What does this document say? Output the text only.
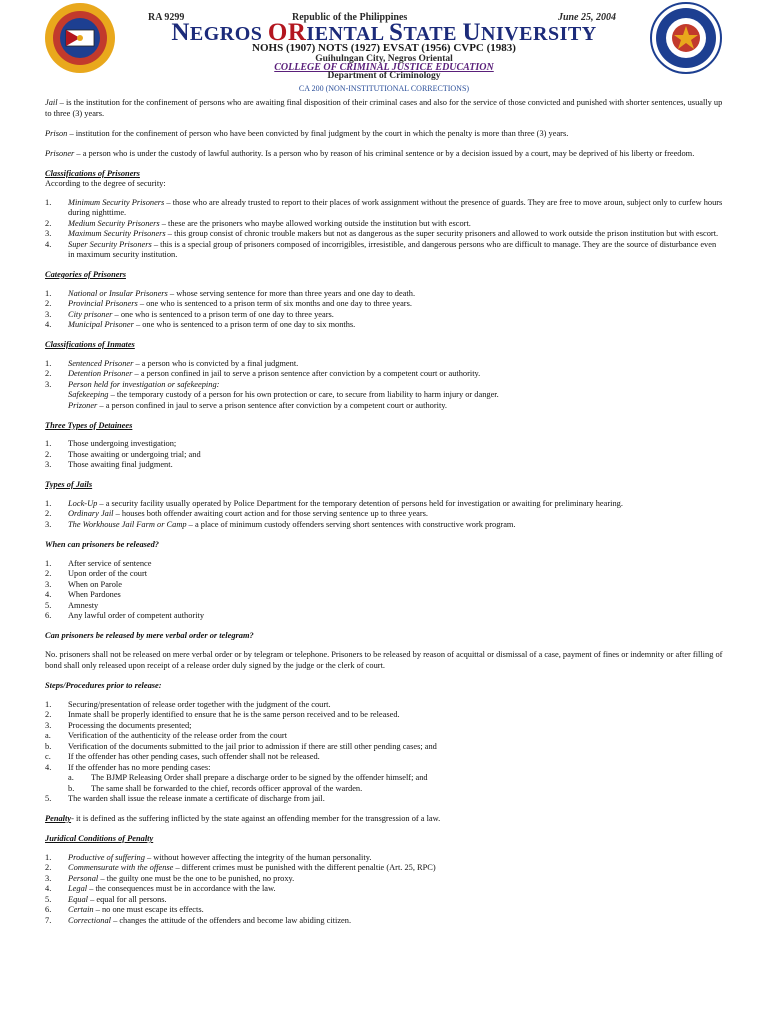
RA 9299	Republic of the Philippines	June 25, 2004
NEGROS ORIENTAL STATE UNIVERSITY
NOHS (1907) NOTS (1927) EVSAT (1956) CVPC (1983)
Guihulngan City, Negros Oriental
COLLEGE OF CRIMINAL JUSTICE EDUCATION
Department of Criminology
CA 200 (NON-INSTITUTIONAL CORRECTIONS)

Jail – is the institution for the confinement of persons who are awaiting final disposition of their criminal cases and also for the service of those convicted and punished with shorter sentences, usually up to three (3) years.

Prison – institution for the confinement of person who have been convicted by final judgment by the court in which the penalty is more than three (3) years.

Prisoner – a person who is under the custody of lawful authority. Is a person who by reason of his criminal sentence or by a decision issued by a court, may be deprived of his liberty or freedom.

Classifications of Prisoners

According to the degree of security:

1.	Minimum Security Prisoners – those who are already trusted to report to their places of work assignment without the presence of guards. They are free to move aroun, subject only to curfew hours during nighttime.
2.	Medium Security Prisoners – these are the prisoners who maybe allowed working outside the institution but with escort.
3.	Maximum Security Prisoners – this group consist of chronic trouble makers but not as dangerous as the super security prisoners and allowed to work outside the prison institution but with escort.
4.	Super Security Prisoners – this is a special group of prisoners composed of incorrigibles, irresistible, and dangerous persons who are difficult to manage. They are the source of disturbance even in maximum security institution.

Categories of Prisoners

1.	National or Insular Prisoners – whose serving sentence for more than three years and one day to death.
2.	Provincial Prisoners – one who is sentenced to a prison term of six months and one day to three years.
3.	City prisoner – one who is sentenced to a prison term of one day to three years.
4.	Municipal Prisoner – one who is sentenced to a prison term of one day to six months.

Classifications of Inmates

1.	Sentenced Prisoner – a person who is convicted by a final judgment.
2.	Detention Prisoner – a person confined in jail to serve a prison sentence after conviction by a competent court or authority.
3.	Person held for investigation or safekeeping:
Safekeeping – the temporary custody of a person for his own protection or care, to secure from liability to harm injury or danger.
Prizoner – a person confined in jaul to serve a prison sentence after conviction by a competent court or authority.

Three Types of Detainees

1.	Those undergoing investigation;
2.	Those awaiting or undergoing trial; and
3.	Those awaiting final judgment.

Types of Jails

1.	Lock-Up – a security facility usually operated by Police Department for the temporary detention of persons held for investigation or awaiting for preliminary hearing.
2.	Ordinary Jail – houses both offender awaiting court action and for those serving sentence up to three years.
3.	The Workhouse Jail Farm or Camp – a place of minimum custody offenders serving short sentences with constructive work program.

When can prisoners be released?

1.	After service of sentence
2.	Upon order of the court
3.	When on Parole
4.	When Pardones
5.	Amnesty
6.	Any lawful order of competent authority

Can prisoners be released by mere verbal order or telegram?

No. prisoners shall not be released on mere verbal order or by telegram or telephone. Prisoners to be released by reason of acquittal or dismissal of a case, payment of fines or indemnity or after filling of bond shall only released upon receipt of a release order duly signed by the judge or the clerk of court.

Steps/Procedures prior to release:

1.	Securing/presentation of release order together with the judgment of the court.
2.	Inmate shall be properly identified to ensure that he is the same person received and to be released.
3.	Processing the documents presented;
a.	Verification of the authenticity of the release order from the court
b.	Verification of the documents submitted to the jail prior to admission if there are still other pending cases; and
c.	If the offender has other pending cases, such offender shall not be released.
4.	If the offender has no more pending cases:
a.	The BJMP Releasing Order shall prepare a discharge order to be signed by the offender himself; and
b.	The same shall be forwarded to the chief, records officer approval of the warden.
5.	The warden shall issue the release inmate a certificate of discharge from jail.

Penalty- it is defined as the suffering inflicted by the state against an offending member for the transgression of a law.

Juridical Conditions of Penalty

1.	Productive of suffering – without however affecting the integrity of the human personality.
2.	Commensurate with the offense – different crimes must be punished with the different penaltie (Art. 25, RPC)
3.	Personal – the guilty one must be the one to be punished, no proxy.
4.	Legal – the consequences must be in accordance with the law.
5.	Equal – equal for all persons.
6.	Certain – no one must escape its effects.
7.	Correctional – changes the attitude of the offenders and become law abiding citizen.
